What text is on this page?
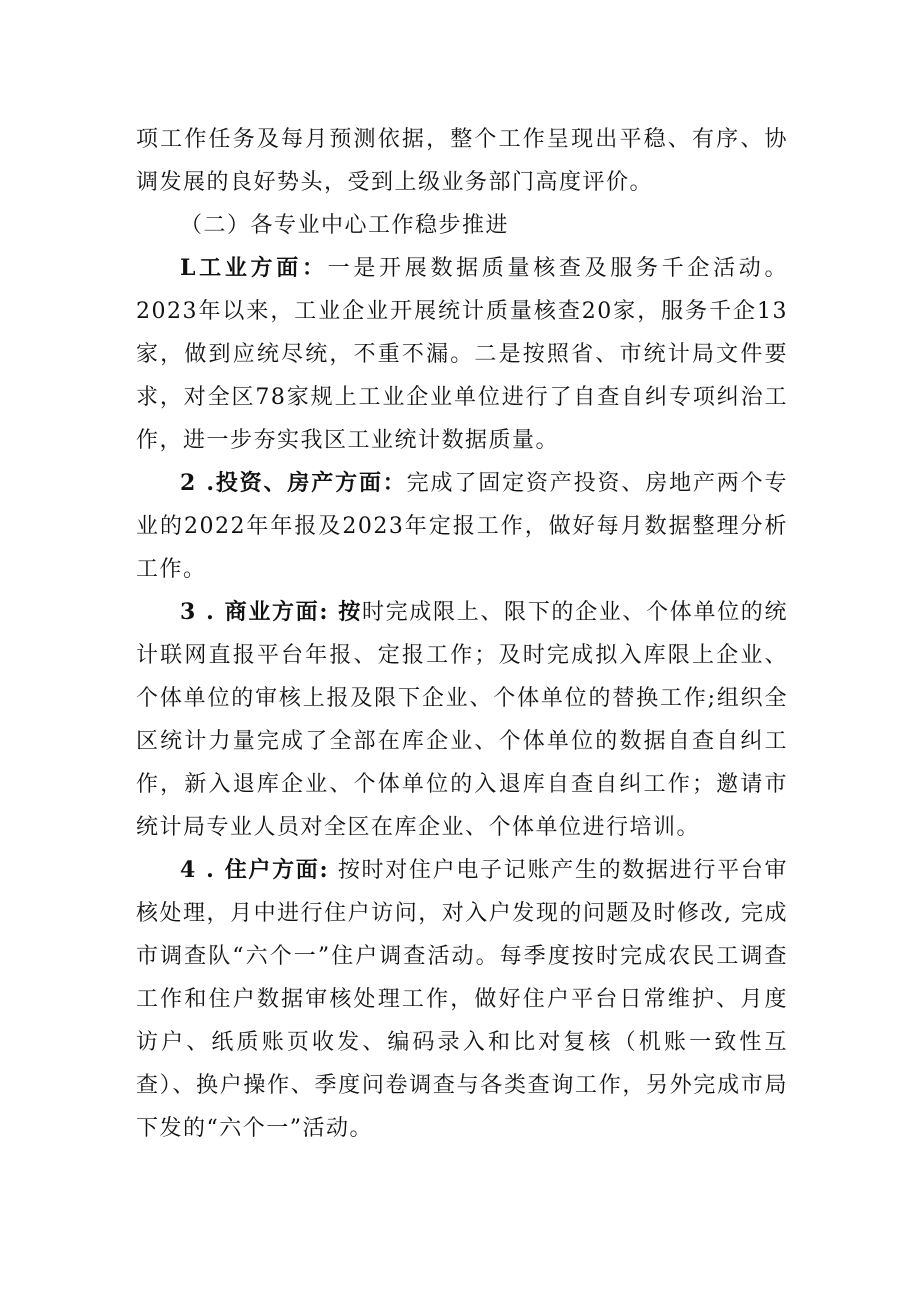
项工作任务及每月预测依据，整个工作呈现出平稳、有序、协调发展的良好势头，受到上级业务部门高度评价。

（二）各专业中心工作稳步推进

L工业方面：一是开展数据质量核查及服务千企活动。2023年以来，工业企业开展统计质量核查20家，服务千企13家，做到应统尽统，不重不漏。二是按照省、市统计局文件要求，对全区78家规上工业企业单位进行了自查自纠专项纠治工作，进一步夯实我区工业统计数据质量。

2 .投资、房产方面：完成了固定资产投资、房地产两个专业的2022年年报及2023年定报工作，做好每月数据整理分析工作。

3 . 商业方面: 按时完成限上、限下的企业、个体单位的统计联网直报平台年报、定报工作；及时完成拟入库限上企业、个体单位的审核上报及限下企业、个体单位的替换工作;组织全区统计力量完成了全部在库企业、个体单位的数据自查自纠工作，新入退库企业、个体单位的入退库自查自纠工作；邀请市统计局专业人员对全区在库企业、个体单位进行培训。

4 . 住户方面: 按时对住户电子记账产生的数据进行平台审核处理，月中进行住户访问，对入户发现的问题及时修改, 完成市调查队“六个一”住户调查活动。每季度按时完成农民工调查工作和住户数据审核处理工作，做好住户平台日常维护、月度访户、纸质账页收发、编码录入和比对复核（机账一致性互查）、换户操作、季度问卷调查与各类查询工作，另外完成市局下发的“六个一”活动。
